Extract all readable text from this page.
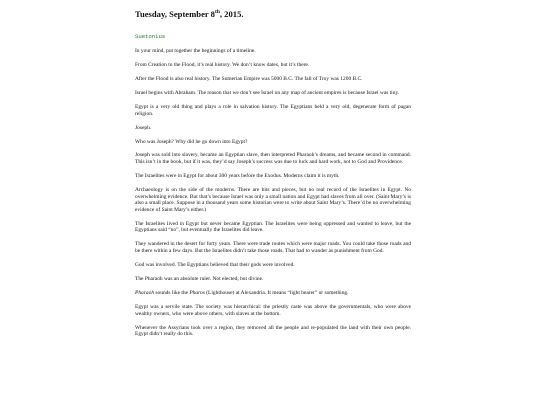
Tuesday, September 8th, 2015.
Suetonius
In your mind, put together the beginnings of a timeline.
From Creation to the Flood, it’s real history. We don’t know dates, but it’s there.
After the Flood is also real history. The Sumerian Empire was 5000 B.C. The fall of Troy was 1200 B.C.
Israel begins with Abraham. The reason that we don’t see Israel on any map of ancient empires is because Israel was tiny.
Egypt is a very old thing and plays a role in salvation history. The Egyptians held a very old, degenerate form of pagan religion.
Joseph.
Who was Joseph? Why did he go down into Egypt?
Joseph was sold into slavery, became an Egyptian slave, then interpreted Pharaoh’s dreams, and became second in command. This isn’t in the book, but if it was, they’d say Joseph’s success was due to luck and hard work, not to God and Providence.
The Israelites were in Egypt for about 300 years before the Exodus. Moderns claim it is myth.
Archaeology is on the side of the moderns. There are bits and pieces, but no real record of the Israelites in Egypt. No overwhelming evidence. But that’s because Israel was only a small nation and Egypt had slaves from all over. (Saint Mary’s is also a small place. Suppose in a thousand years some historian were to write about Saint Mary’s. There’d be no overwhelming evidence of Saint Mary’s either.)
The Israelites lived in Egypt but never became Egyptian. The Israelites were being oppressed and wanted to leave, but the Egyptians said “no”, but eventually the Israelites did leave.
They wandered in the desert for forty years. There were trade routes which were major roads. You could take those roads and be there within a few days. But the Israelites didn’t take those roads. That had to wander as punishment from God.
God was involved. The Egyptians believed that their gods were involved.
The Pharaoh was an absolute ruler. Not elected, but divine.
Pharaoh sounds like the Pharos (Lighthouse) at Alexandria. It means “light bearer” or something.
Egypt was a servile state. The society was hierarchical: the priestly caste was above the governmentals, who were above wealthy owners, who were above others, with slaves at the bottom.
Whenever the Assyrians took over a region, they removed all the people and re-populated the land with their own people. Egypt didn’t really do this.
